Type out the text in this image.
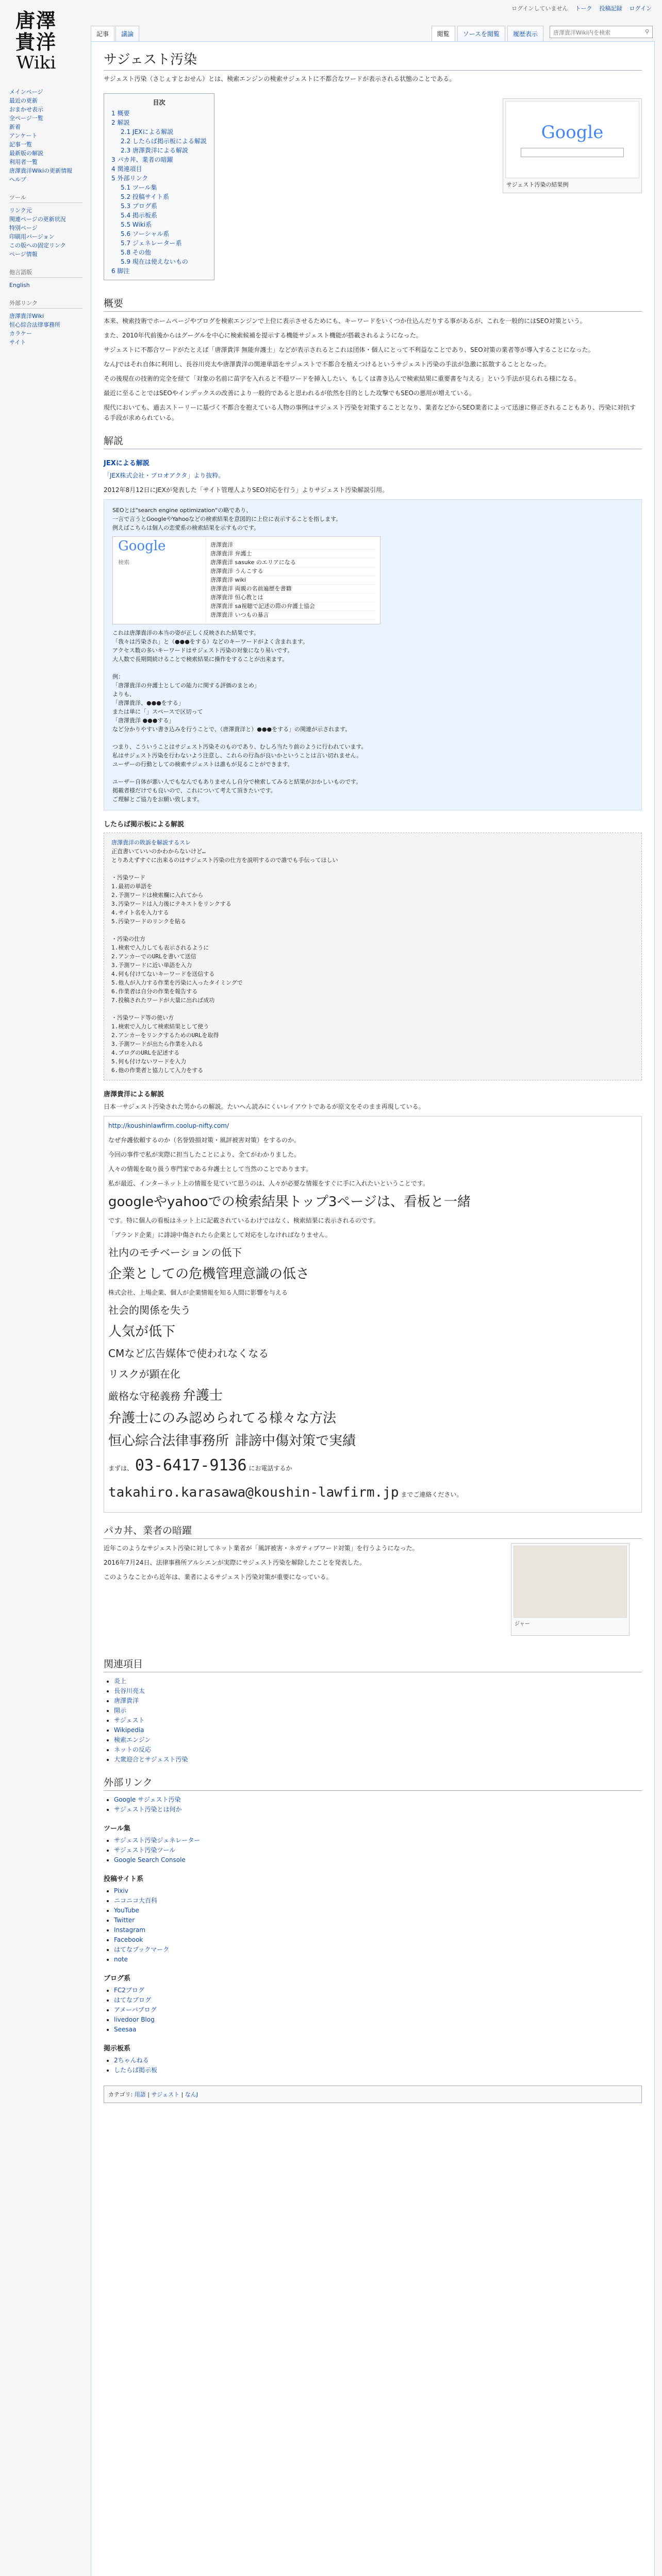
唐澤
貴洋
Wiki
ログインしていません トーク 投稿記録 ログイン
記事	議論	閲覧	ソースを閲覧	履歴表示	唐澤貴洋Wiki内を検索	⚲
メインページ
最近の更新
おまかせ表示
全ページ一覧
新着
アンケート
記事一覧
最新版の解説
利用者一覧
唐澤貴洋Wikiの更新情報
ヘルプ
ツール
リンク元
関連ページの更新状況
特別ページ
印刷用バージョン
この版への固定リンク
ページ情報
他言語版
English
外部リンク
唐澤貴洋Wiki
恒心綜合法律事務所
カラケー
サイト
サジェスト汚染

サジェスト汚染（さじぇすとおせん）とは、検索エンジンの検索サジェストに不都合なワードが表示される状態のことである。

目次
1 概要
2 解説
2.1 JEXによる解説
2.2 したらば掲示板による解説
2.3 唐澤貴洋による解説
3 パカ丼、業者の暗躍
4 関連項目
5 外部リンク
5.1 ツール集
5.2 投稿サイト系
5.3 ブログ系
5.4 掲示板系
5.5 Wiki系
5.6 ソーシャル系
5.7 ジェネレーター系
5.8 その他
5.9 現在は使えないもの
6 脚注
Google
サジェスト汚染の結果例
概要

本来、検索技術でホームページやブログを検索エンジンで上位に表示させるためにも、キーワードをいくつか仕込んだりする事があるが、これを一般的にはSEO対策という。

また、2010年代前後からはグーグルを中心に検索候補を提示する機能サジェスト機能が搭載されるようになった。

サジェストに不都合ワードがたとえば「唐澤貴洋 無能弁護士」などが表示されるとこれは団体・個人にとって不利益なことであり、SEO対策の業者等が導入することになった。

なんJではそれ自体に利用し、長谷川亮太や唐澤貴洋の関連単語をサジェストで不都合を植えつけるというサジェスト汚染の手法が急激に拡散することとなった。

その後現在の技術的完全を経て「対象の名前に苗字を入れると不穏ワードを挿入したい、もしくは書き込んで検索結果に重要書を与える」という手法が見られる様になる。

最近に至ることではSEOやインデックスの改善により一般的であると思われるが依然を目的とした攻撃でもSEOの悪用が増えている。

現代においても、過去ストーリーに基づく不都合を抱えている人物の事例はサジェスト汚染を対策することとなり、業者などからSEO業者によって迅速に修正されることもあり、汚染に対抗する手段が求められている。

解説
JEXによる解説

「JEX株式会社・プロオアクタ」より抜粋。

2012年8月12日にJEXが発表した「サイト管理人よりSEO対応を行う」よりサジェスト汚染解説引用。

SEOとは"search engine optimization"の略であり、
一言で言うとGoogleやYahooなどの検索結果を意図的に上位に表示することを指します。
例えばこちらは個人の恋愛系の検索結果を示すものです。
Google
検索
唐澤貴洋
唐澤貴洋 弁護士
唐澤貴洋 sasuke のエリアになる
唐澤貴洋 うんこする
唐澤貴洋 wiki
唐澤貴洋 両親の名前遍歴を書籍
唐澤貴洋 恒心教とは
唐澤貴洋 sa視聴で記述の際の弁護士協会
唐澤貴洋 いつもの暴言
これは唐澤貴洋の本当の姿が正しく反映された結果です。
「我々は汚染され」と（●●●をする）などのキーワードがよく含まれます。
アクセス数の多いキーワードはサジェスト汚染の対象になり易いです。
大人数で長期間続けることで検索結果に操作をすることが出来ます。

例：
「唐澤貴洋の弁護士としての能力に関する評価のまとめ」
よりも、
「唐澤貴洋、●●●をする」
または単に「」スペースで区切って
「唐澤貴洋 ●●●する」
など分かりやすい書き込みを行うことで、（唐澤貴洋と）●●●をする」の関連が示されます。

つまり、こういうことはサジェスト汚染そのものであり、むしろ当たり前のように行われています。
私はサジェスト汚染を行わないよう注意し、これらの行為が良いかということは言い切れません。
ユーザーの行動としての検索サジェストは誰もが見ることができます。

ユーザー自体が悪い人でもなんでもありませんし自分で検索してみると結果がおかしいものです。
掲載者様だけでも良いので、これについて考えて頂きたいです。
ご理解とご協力をお願い致します。
したらば掲示板による解説
唐澤貴洋の敗訴を解説するスレ
正直書いていいのかわからないけど…
とりあえずすぐに出来るのはサジェスト汚染の仕方を説明するので誰でも手伝ってほしい

・汚染ワード
1.最初の単語を
2.予測ワードは検索欄に入れてから
3.汚染ワードは入力後にテキストをリンクする
4.サイト名を入力する
5.汚染ワードのリンクを貼る

・汚染の仕方
1.検索で入力しても表示されるように
2.アンカーでのURLを書いて送信
3.予測ワードに近い単語を入力
4.何も付けてないキーワードを送信する
5.他人が入力する作業を汚染に入ったタイミングで
6.作業者は自分の作業を報告する
7.投稿されたワードが大量に出れば成功

・汚染ワード等の使い方
1.検索で入力して検索結果として使う
2.アンカーをリンクするためのURLを取得
3.予測ワードが出たら作業を入れる
4.ブログのURLを記述する
5.何も付けないワードを入力
6.他の作業者と協力して入力をする
唐澤貴洋による解説

日本一サジェスト汚染された男からの解説。たいへん読みにくいレイアウトであるが原文をそのまま再現している。

http://koushinlawfirm.coolup-nifty.com/

なぜ弁護依頼するのか（名誉毀損対策・風評被害対策）をするのか。

今回の事件で私が実際に担当したことにより、全てがわかりました。

人々の情報を取り扱う専門家である弁護士として当然のことであります。

私が最近、インターネット上の情報を見ていて思うのは、人々が必要な情報をすぐに手に入れたいということです。

googleやyahooでの検索結果トップ3ページは、看板と一緒

です。特に個人の看板はネット上に記載されているわけではなく、検索結果に表示されるのです。

「ブランド企業」に誹謗中傷されたら企業として対応をしなければなりません。

社内のモチベーションの低下

企業としての危機管理意識の低さ

株式会社、上場企業、個人が企業情報を知る人間に影響を与える

社会的関係を失う

人気が低下

CMなど広告媒体で使われなくなる

リスクが顕在化

厳格な守秘義務 弁護士

弁護士にのみ認められてる様々な方法

恒心綜合法律事務所　 誹謗中傷対策で実績

まずは、 03-6417-9136 にお電話するか

takahiro.karasawa@koushin-lawfirm.jp までご連絡ください。

パカ丼、業者の暗躍

近年このようなサジェスト汚染に対してネット業者が「風評被害・ネガティブワード対策」を行うようになった。

2016年7月24日、法律事務所アルシエンが実際にサジェスト汚染を解除したことを発表した。

このようなことから近年は、業者によるサジェスト汚染対策が重要になっている。

ジャー
関連項目
• 炎上
• 長谷川亮太
• 唐澤貴洋
• 開示
• サジェスト
• Wikipedia
• 検索エンジン
• ネットの反応
• 大衆迎合とサジェスト汚染
外部リンク
• Google サジェスト汚染
• サジェスト汚染とは何か
ツール集
• サジェスト汚染ジェネレーター
• サジェスト汚染ツール
• Google Search Console
投稿サイト系
• Pixiv
• ニコニコ大百科
• YouTube
• Twitter
• Instagram
• Facebook
• はてなブックマーク
• note
ブログ系
• FC2ブログ
• はてなブログ
• アメーバブログ
• livedoor Blog
• Seesaa
掲示板系
• 2ちゃんねる
• したらば掲示板
カテゴリ: 用語 | サジェスト | なんJ
